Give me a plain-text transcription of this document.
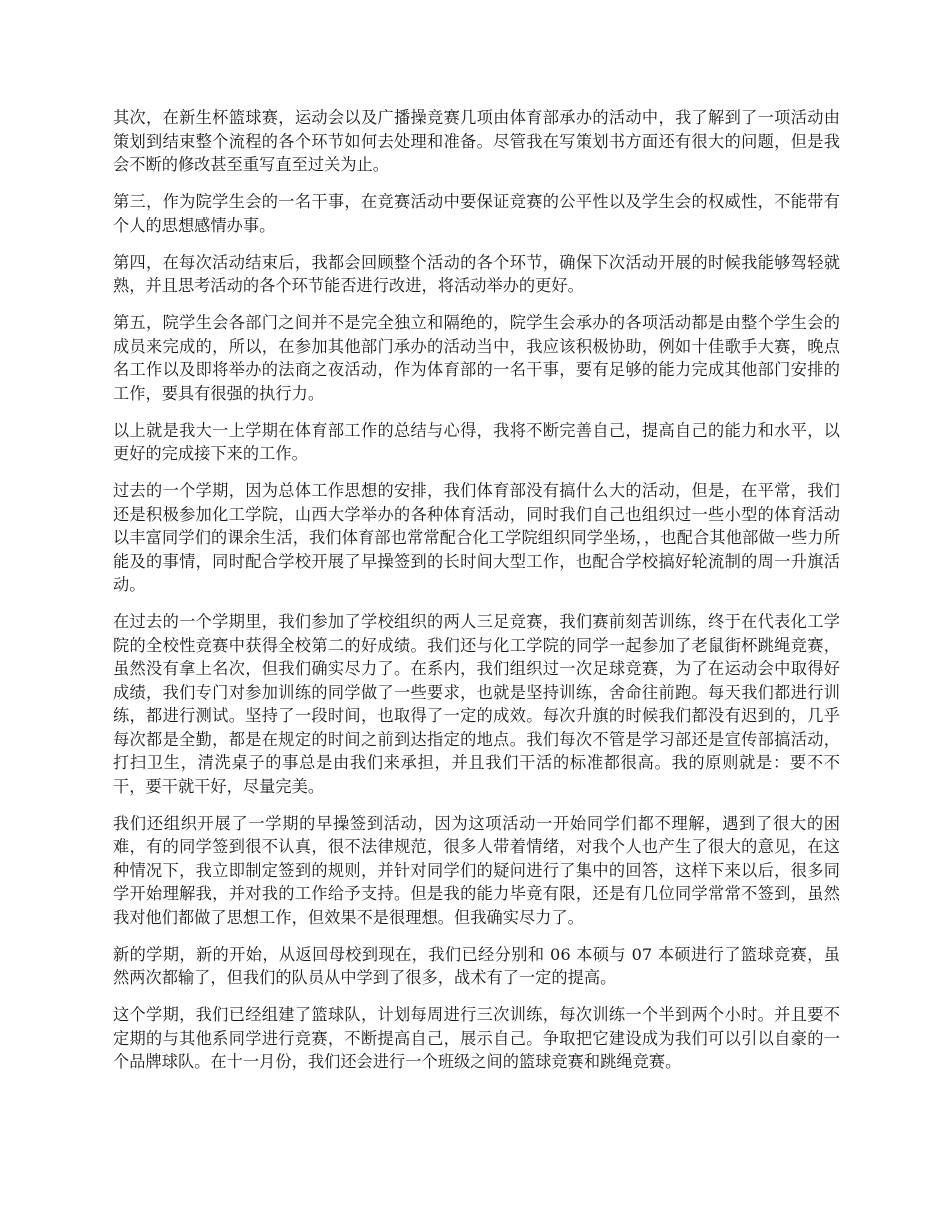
其次，在新生杯篮球赛，运动会以及广播操竞赛几项由体育部承办的活动中，我了解到了一项活动由策划到结束整个流程的各个环节如何去处理和准备。尽管我在写策划书方面还有很大的问题，但是我会不断的修改甚至重写直至过关为止。

第三，作为院学生会的一名干事，在竞赛活动中要保证竞赛的公平性以及学生会的权威性，不能带有个人的思想感情办事。

第四，在每次活动结束后，我都会回顾整个活动的各个环节，确保下次活动开展的时候我能够驾轻就熟，并且思考活动的各个环节能否进行改进，将活动举办的更好。

第五，院学生会各部门之间并不是完全独立和隔绝的，院学生会承办的各项活动都是由整个学生会的成员来完成的，所以，在参加其他部门承办的活动当中，我应该积极协助，例如十佳歌手大赛，晚点名工作以及即将举办的法商之夜活动，作为体育部的一名干事，要有足够的能力完成其他部门安排的工作，要具有很强的执行力。

以上就是我大一上学期在体育部工作的总结与心得，我将不断完善自己，提高自己的能力和水平，以更好的完成接下来的工作。

过去的一个学期，因为总体工作思想的安排，我们体育部没有搞什么大的活动，但是，在平常，我们还是积极参加化工学院，山西大学举办的各种体育活动，同时我们自己也组织过一些小型的体育活动以丰富同学们的课余生活，我们体育部也常常配合化工学院组织同学坐场，，也配合其他部做一些力所能及的事情，同时配合学校开展了早操签到的长时间大型工作，也配合学校搞好轮流制的周一升旗活动。

在过去的一个学期里，我们参加了学校组织的两人三足竞赛，我们赛前刻苦训练，终于在代表化工学院的全校性竞赛中获得全校第二的好成绩。我们还与化工学院的同学一起参加了老鼠街杯跳绳竞赛，虽然没有拿上名次，但我们确实尽力了。在系内，我们组织过一次足球竞赛，为了在运动会中取得好成绩，我们专门对参加训练的同学做了一些要求，也就是坚持训练，舍命往前跑。每天我们都进行训练，都进行测试。坚持了一段时间，也取得了一定的成效。每次升旗的时候我们都没有迟到的，几乎每次都是全勤，都是在规定的时间之前到达指定的地点。我们每次不管是学习部还是宣传部搞活动，打扫卫生，清洗桌子的事总是由我们来承担，并且我们干活的标准都很高。我的原则就是：要不不干，要干就干好，尽量完美。

我们还组织开展了一学期的早操签到活动，因为这项活动一开始同学们都不理解，遇到了很大的困难，有的同学签到很不认真，很不法律规范，很多人带着情绪，对我个人也产生了很大的意见，在这种情况下，我立即制定签到的规则，并针对同学们的疑问进行了集中的回答，这样下来以后，很多同学开始理解我，并对我的工作给予支持。但是我的能力毕竟有限，还是有几位同学常常不签到，虽然我对他们都做了思想工作，但效果不是很理想。但我确实尽力了。

新的学期，新的开始，从返回母校到现在，我们已经分别和 06 本硕与 07 本硕进行了篮球竞赛，虽然两次都输了，但我们的队员从中学到了很多，战术有了一定的提高。

这个学期，我们已经组建了篮球队，计划每周进行三次训练，每次训练一个半到两个小时。并且要不定期的与其他系同学进行竞赛，不断提高自己，展示自己。争取把它建设成为我们可以引以自豪的一个品牌球队。在十一月份，我们还会进行一个班级之间的篮球竞赛和跳绳竞赛。
